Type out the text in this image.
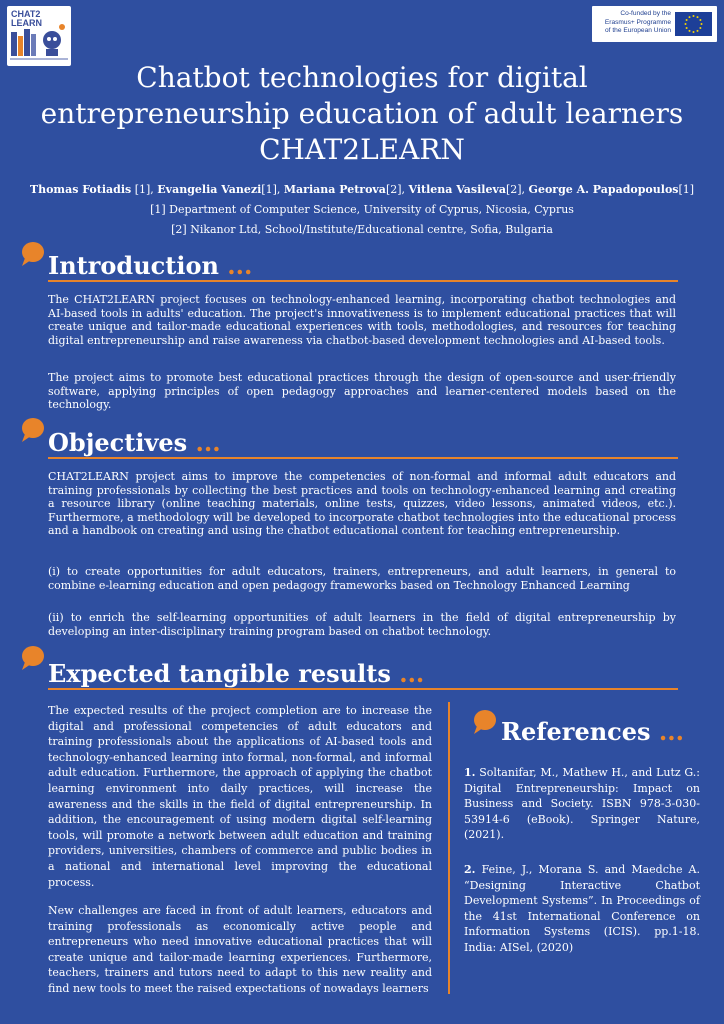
CHAT2
LEARN
Co-funded by the
Erasmus+ Programme
of the European Union
Chatbot technologies for digital
entrepreneurship education of adult learners
CHAT2LEARN
Thomas Fotiadis [1], Evangelia Vanezi[1], Mariana Petrova[2], Vitlena Vasileva[2], George A. Papadopoulos[1]
[1] Department of Computer Science, University of Cyprus, Nicosia, Cyprus
[2] Nikanor Ltd, School/Institute/Educational centre, Sofia, Bulgaria
Introduction ...
The CHAT2LEARN project focuses on technology-enhanced learning, incorporating chatbot technologies and AI-based tools in adults' education. The project's innovativeness is to implement educational practices that will create unique and tailor-made educational experiences with tools, methodologies, and resources for teaching digital entrepreneurship and raise awareness via chatbot-based development technologies and AI-based tools.
The project aims to promote best educational practices through the design of open-source and user-friendly software, applying principles of open pedagogy approaches and learner-centered models based on the technology.
Objectives ...
CHAT2LEARN project aims to improve the competencies of non-formal and informal adult educators and training professionals by collecting the best practices and tools on technology-enhanced learning and creating a resource library (online teaching materials, online tests, quizzes, video lessons, animated videos, etc.). Furthermore, a methodology will be developed to incorporate chatbot technologies into the educational process and a handbook on creating and using the chatbot educational content for teaching entrepreneurship.
(i) to create opportunities for adult educators, trainers, entrepreneurs, and adult learners, in general to combine e-learning education and open pedagogy frameworks based on Technology Enhanced Learning
(ii) to enrich the self-learning opportunities of adult learners in the field of digital entrepreneurship by developing an inter-disciplinary training program based on chatbot technology.
Expected tangible results ...
The expected results of the project completion are to increase the digital and professional competencies of adult educators and training professionals about the applications of AI-based tools and technology-enhanced learning into formal, non-formal, and informal adult education. Furthermore, the approach of applying the chatbot learning environment into daily practices, will increase the awareness and the skills in the field of digital entrepreneurship. In addition, the encouragement of using modern digital self-learning tools, will promote a network between adult education and training providers, universities, chambers of commerce and public bodies in a national and international level improving the educational process.
New challenges are faced in front of adult learners, educators and training professionals as economically active people and entrepreneurs who need innovative educational practices that will create unique and tailor-made learning experiences. Furthermore, teachers, trainers and tutors need to adapt to this new reality and find new tools to meet the raised expectations of nowadays learners
References ...
1. Soltanifar, M., Mathew H., and Lutz G.: Digital Entrepreneurship: Impact on Business and Society. ISBN 978-3-030-53914-6 (eBook). Springer Nature, (2021).
2. Feine, J., Morana S. and Maedche A. “Designing Interactive Chatbot Development Systems”. In Proceedings of the 41st International Conference on Information Systems (ICIS). pp.1-18. India: AISel, (2020)
